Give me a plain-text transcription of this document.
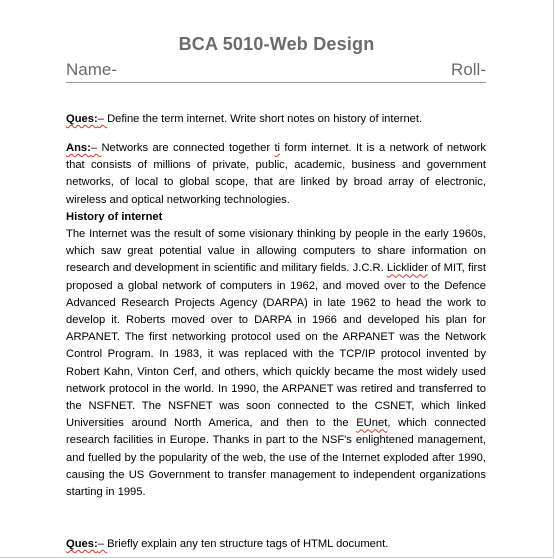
BCA 5010-Web Design
Name-	Roll-

Ques:– Define the term internet. Write short notes on history of internet.

Ans:– Networks are connected together ti form internet. It is a network of network that consists of millions of private, public, academic, business and government networks, of local to global scope, that are linked by broad array of electronic, wireless and optical networking technologies.

History of internet

The Internet was the result of some visionary thinking by people in the early 1960s, which saw great potential value in allowing computers to share information on research and development in scientific and military fields. J.C.R. Licklider of MIT, first proposed a global network of computers in 1962, and moved over to the Defence Advanced Research Projects Agency (DARPA) in late 1962 to head the work to develop it. Roberts moved over to DARPA in 1966 and developed his plan for ARPANET. The first networking protocol used on the ARPANET was the Network Control Program. In 1983, it was replaced with the TCP/IP protocol invented by Robert Kahn, Vinton Cerf, and others, which quickly became the most widely used network protocol in the world. In 1990, the ARPANET was retired and transferred to the NSFNET. The NSFNET was soon connected to the CSNET, which linked Universities around North America, and then to the EUnet, which connected research facilities in Europe. Thanks in part to the NSF's enlightened management, and fuelled by the popularity of the web, the use of the Internet exploded after 1990, causing the US Government to transfer management to independent organizations starting in 1995.

Ques:– Briefly explain any ten structure tags of HTML document.
